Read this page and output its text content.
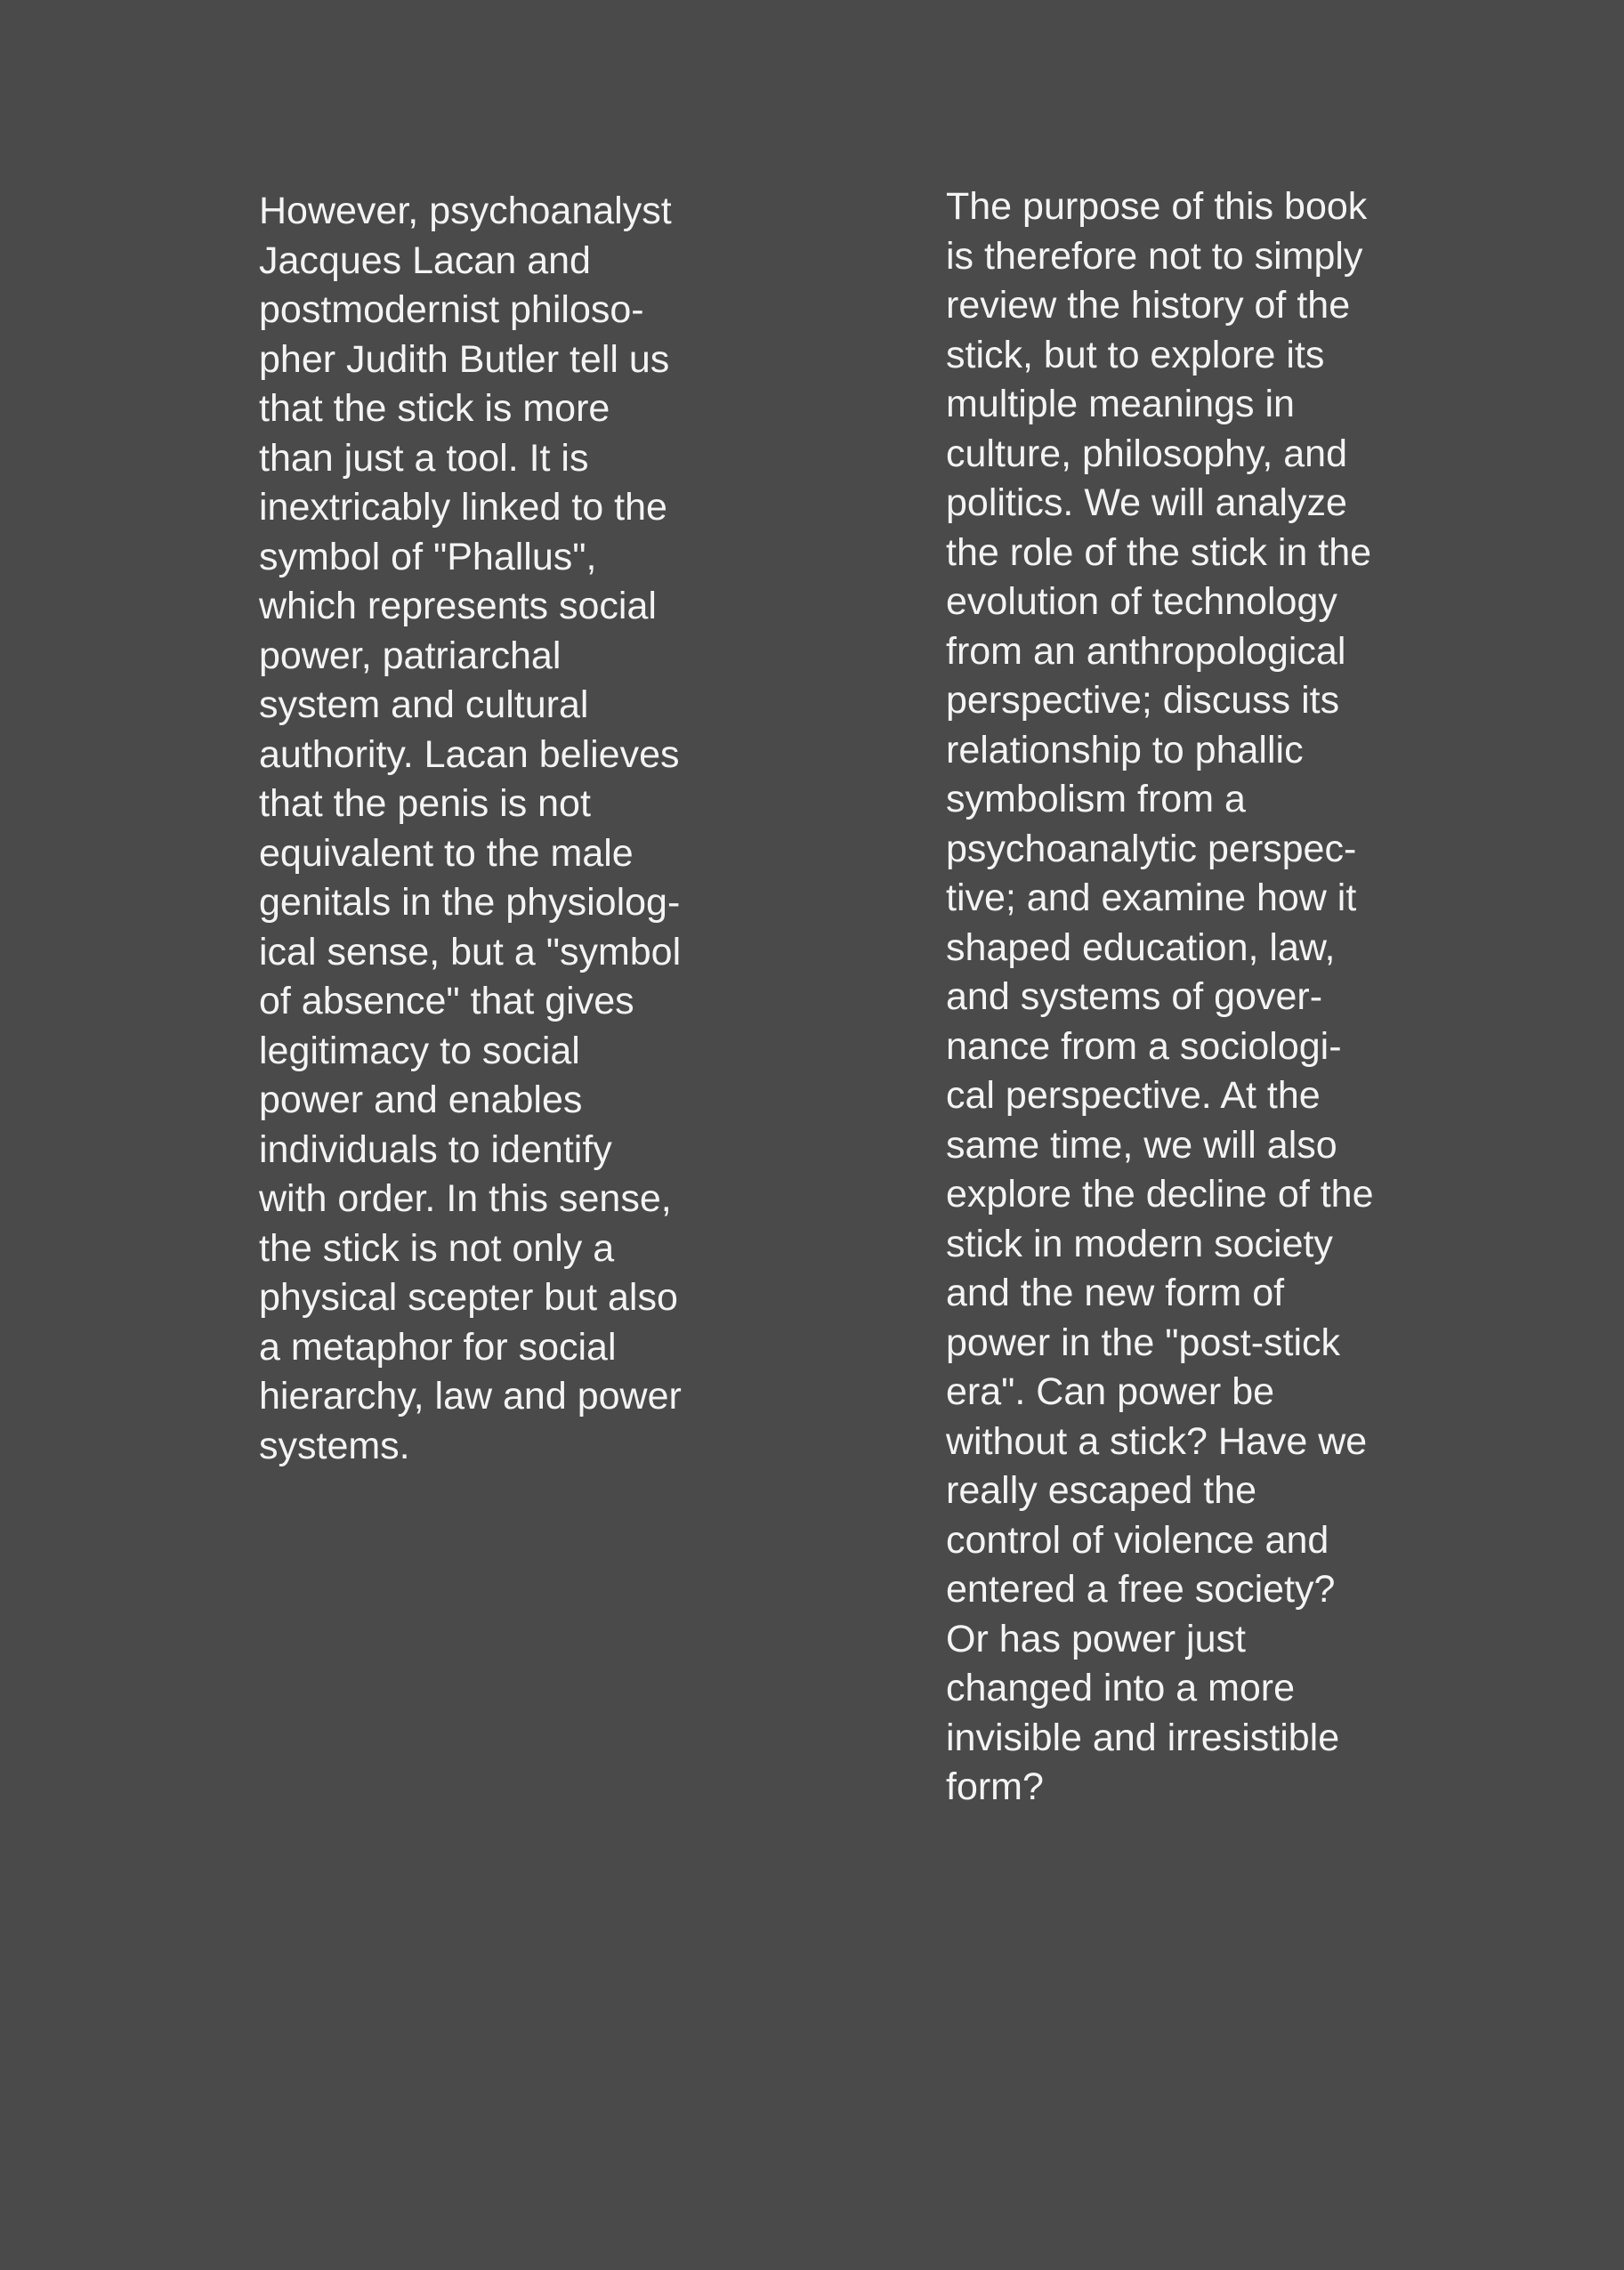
However, psychoanalyst
Jacques Lacan and
postmodernist philoso-
pher Judith Butler tell us
that the stick is more
than just a tool. It is
inextricably linked to the
symbol of "Phallus",
which represents social
power, patriarchal
system and cultural
authority. Lacan believes
that the penis is not
equivalent to the male
genitals in the physiolog-
ical sense, but a "symbol
of absence" that gives
legitimacy to social
power and enables
individuals to identify
with order. In this sense,
the stick is not only a
physical scepter but also
a metaphor for social
hierarchy, law and power
systems.

The purpose of this book
is therefore not to simply
review the history of the
stick, but to explore its
multiple meanings in
culture, philosophy, and
politics. We will analyze
the role of the stick in the
evolution of technology
from an anthropological
perspective; discuss its
relationship to phallic
symbolism from a
psychoanalytic perspec-
tive; and examine how it
shaped education, law,
and systems of gover-
nance from a sociologi-
cal perspective. At the
same time, we will also
explore the decline of the
stick in modern society
and the new form of
power in the "post-stick
era". Can power be
without a stick? Have we
really escaped the
control of violence and
entered a free society?
Or has power just
changed into a more
invisible and irresistible
form?
